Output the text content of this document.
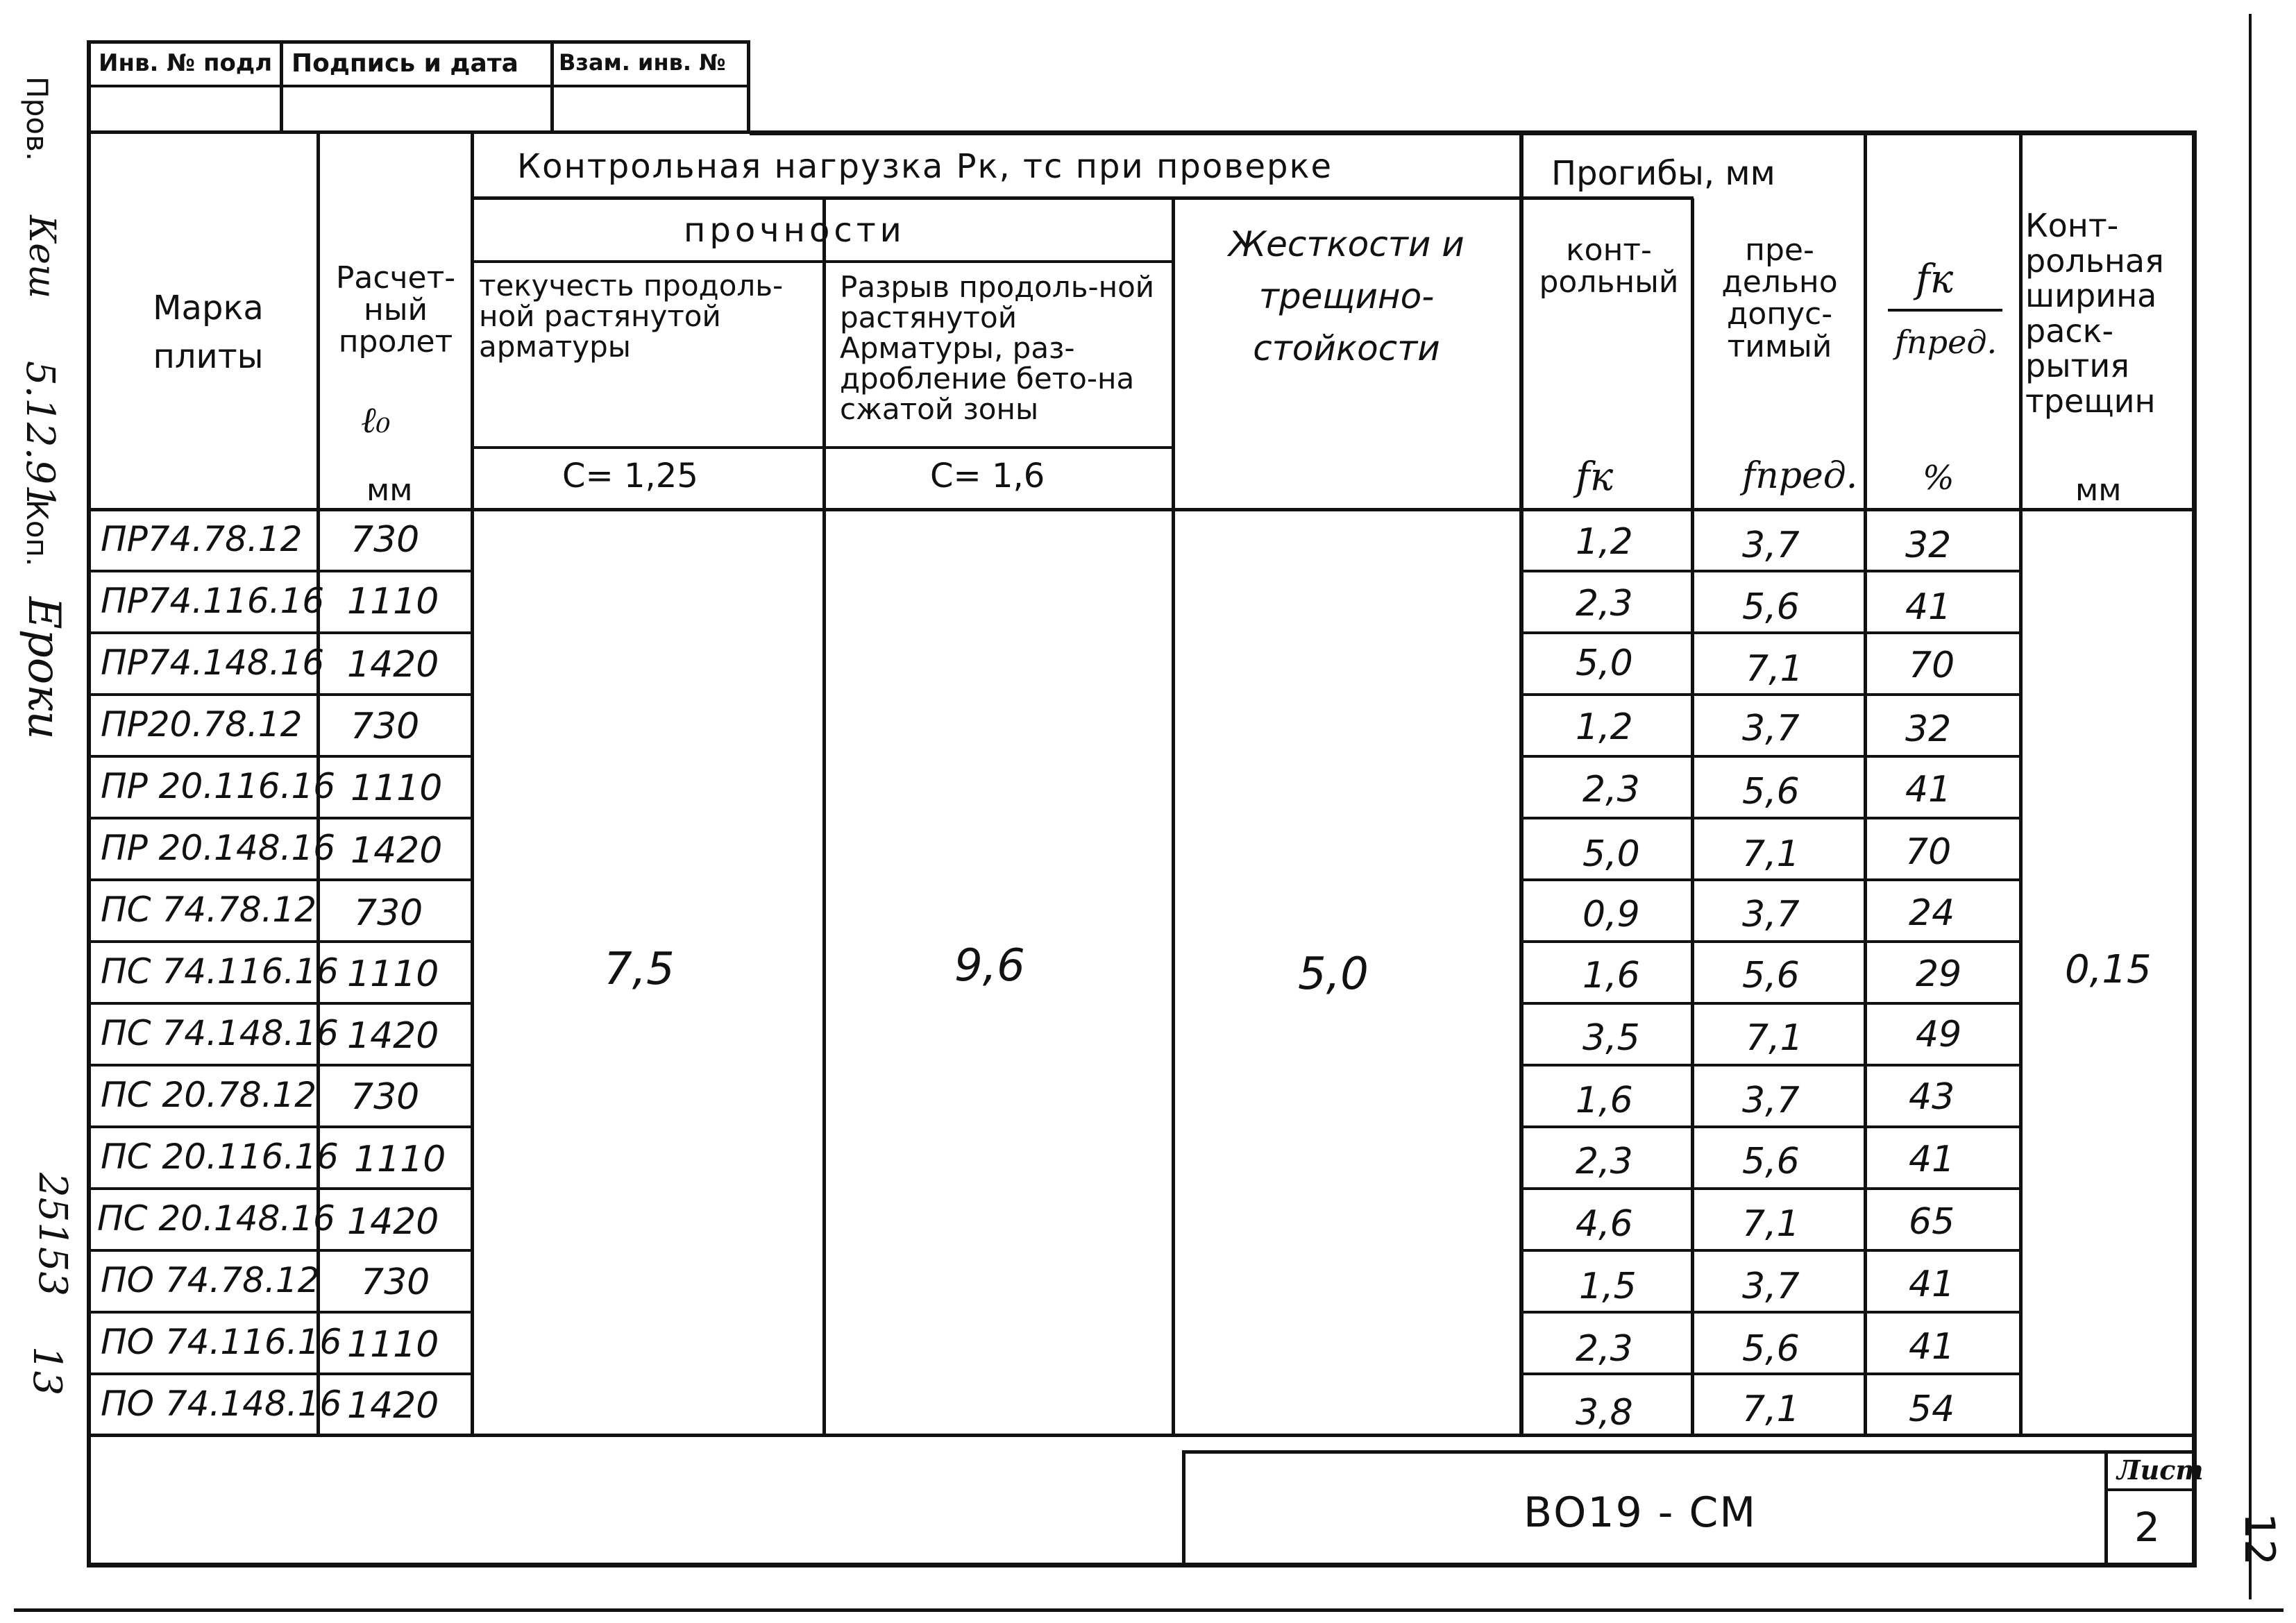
Инв. № подл Подпись и дата Взам. инв. №
Пров.
Кеш
5.12.91
Коп.
Ероки
25153
13
Марка плиты
Расчет-ный пролет
ℓ₀
мм
Контрольная нагрузка Рк, тс при проверке
прочности
текучесть продоль-ной растянутой арматуры
Разрыв продоль-ной растянутой Арматуры, раз-дробление бето-на сжатой зоны
С= 1,25	С= 1,6
Жесткости и трещино-стойкости
Прогибы, мм
конт-рольный
fк
пре-дельно допус-тимый
fпред.
fк
fпред.
%
Конт-рольная ширина раск-рытия трещин
мм
7,5	9,6	5,0	0,15
ПР74.78.12 730	1,2	3,7	32
ПР74.116.16 1110	2,3	5,6	41
ПР74.148.16 1420	5,0	7,1	70
ПР20.78.12 730	1,2	3,7	32
ПР 20.116.16 1110	2,3	5,6	41
ПР 20.148.16 1420	5,0	7,1	70
ПС 74.78.12 730	0,9	3,7	24
ПС 74.116.16 1110	1,6	5,6	29
ПС 74.148.16 1420	3,5	7,1	49
ПС 20.78.12 730	1,6	3,7	43
ПС 20.116.16 1110	2,3	5,6	41
ПС 20.148.16 1420	4,6	7,1	65
ПО 74.78.12 730	1,5	3,7	41
ПО 74.116.16 1110	2,3	5,6	41
ПО 74.148.16 1420	3,8	7,1	54
ВО19 - СМ
Лист
2 12
